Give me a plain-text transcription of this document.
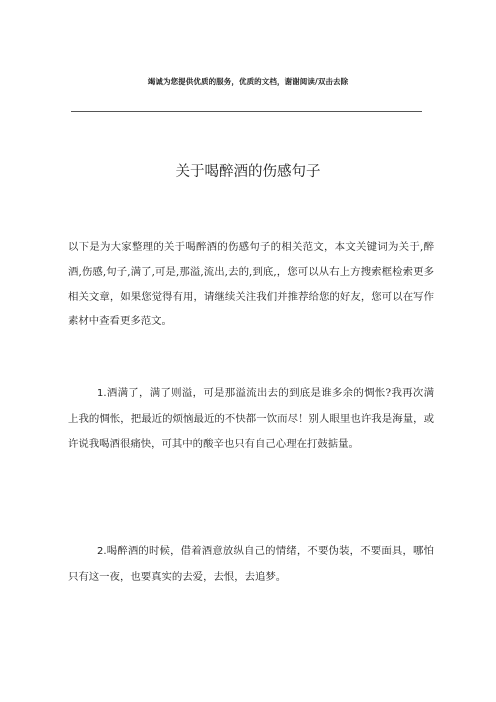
竭诚为您提供优质的服务，优质的文档，谢谢阅读/双击去除
关于喝醉酒的伤感句子

以下是为大家整理的关于喝醉酒的伤感句子的相关范文，本文关键词为关于,醉酒,伤感,句子,满了,可是,那溢,流出,去的,到底,，您可以从右上方搜索框检索更多相关文章，如果您觉得有用，请继续关注我们并推荐给您的好友，您可以在写作素材中查看更多范文。

1.酒满了，满了则溢，可是那溢流出去的到底是谁多余的惆怅?我再次满上我的惆怅，把最近的烦恼最近的不快都一饮而尽！别人眼里也许我是海量，或许说我喝酒很痛快，可其中的酸辛也只有自己心理在打鼓掂量。

2.喝醉酒的时候，借着酒意放纵自己的情绪，不要伪装，不要面具，哪怕只有这一夜，也要真实的去爱，去恨，去追梦。
